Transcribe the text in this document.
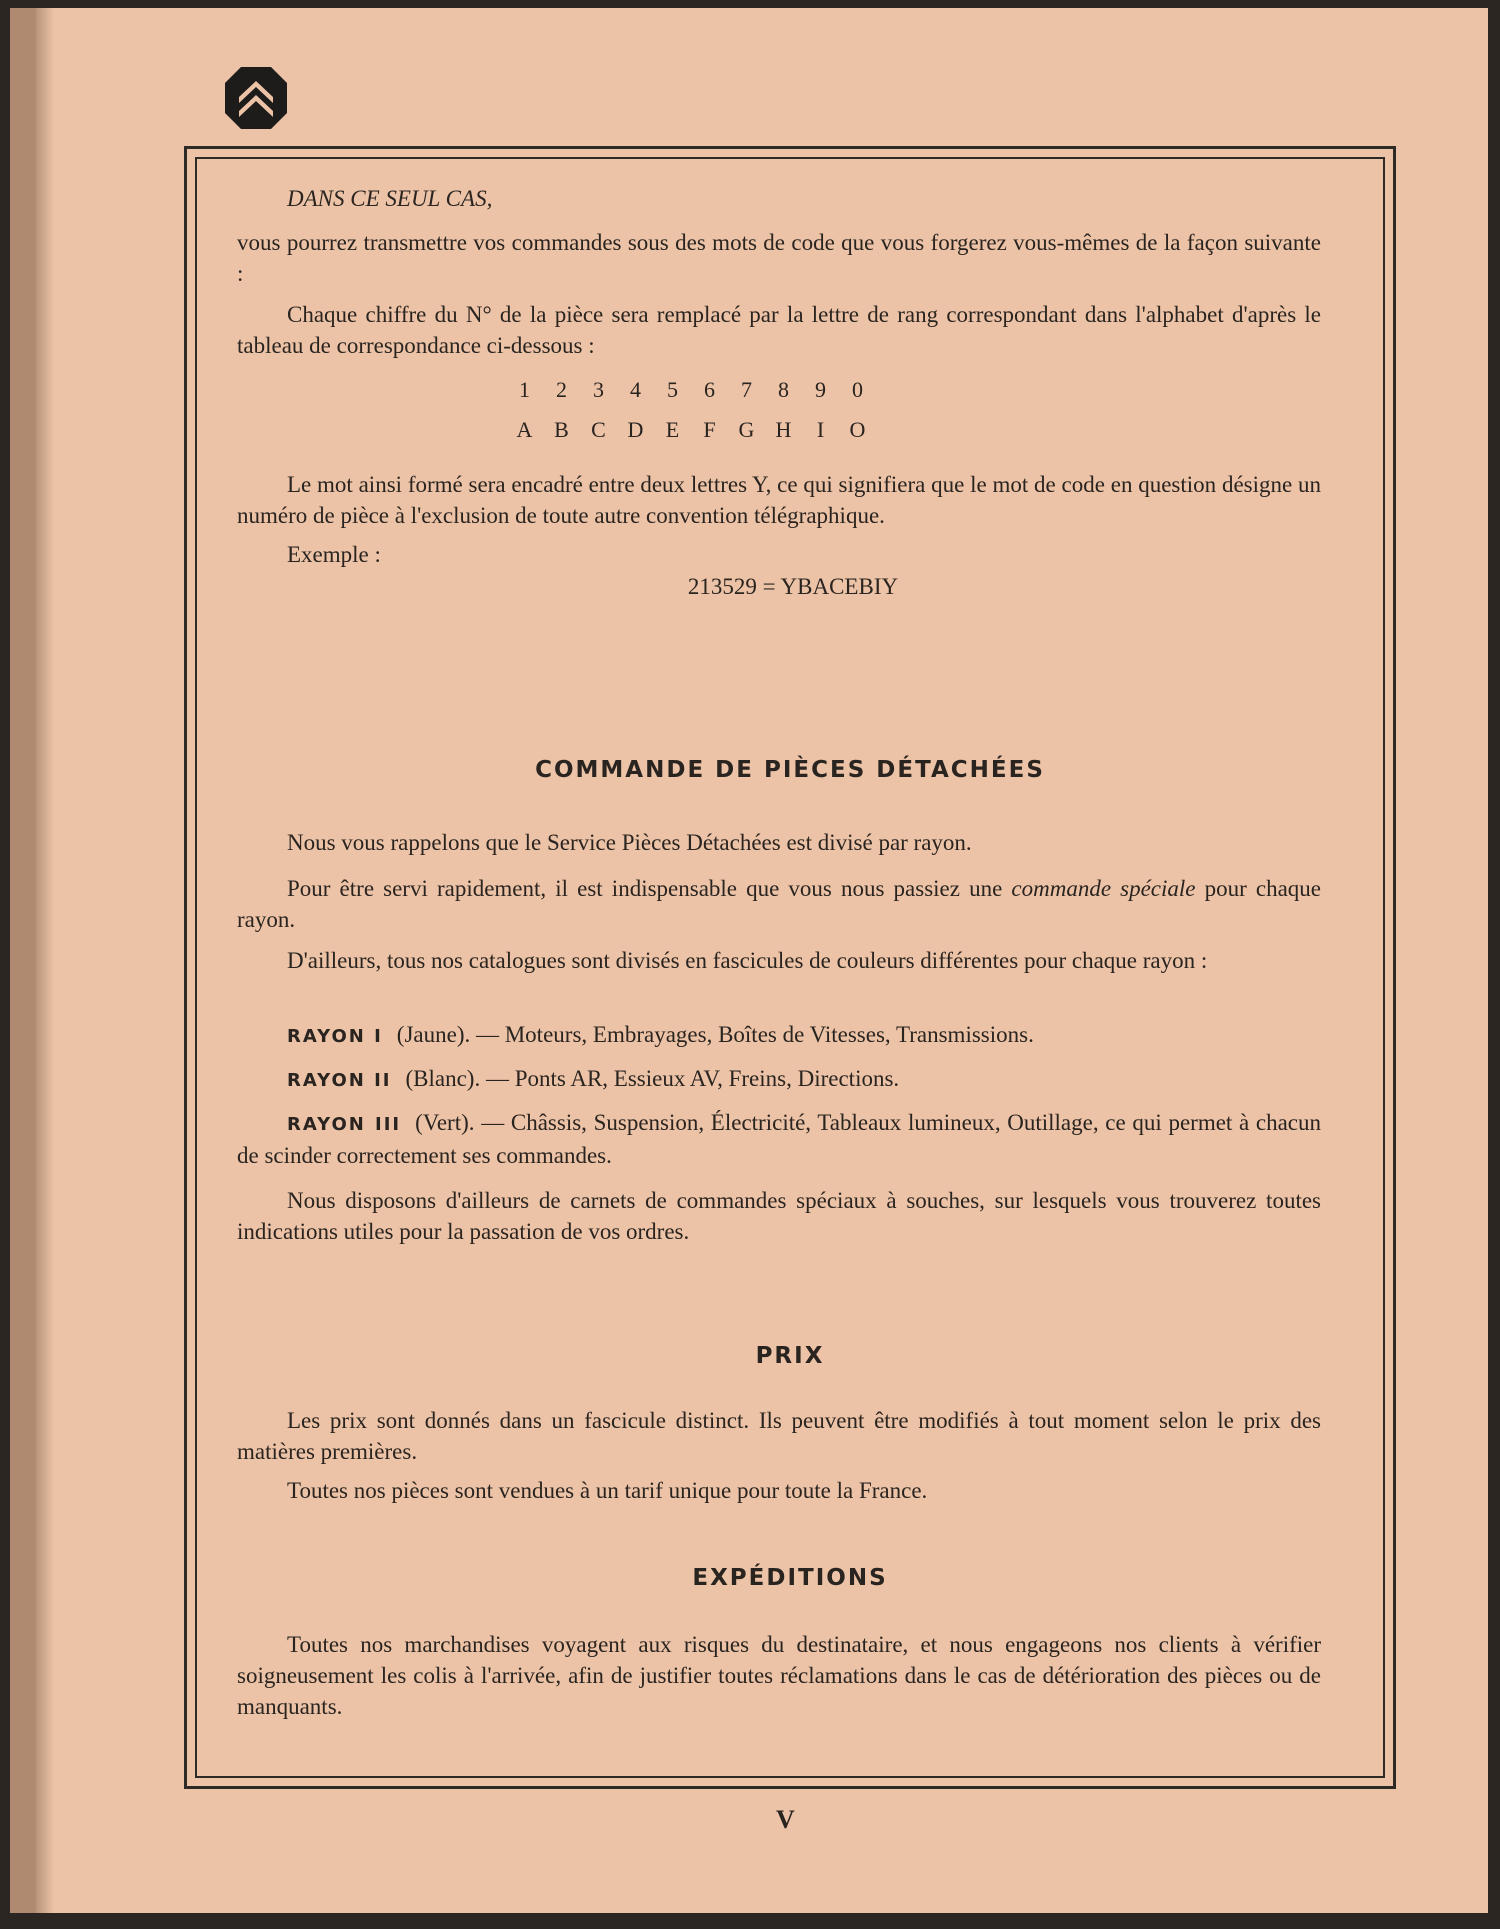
DANS CE SEUL CAS,

vous pourrez transmettre vos commandes sous des mots de code que vous forgerez vous-mêmes de la façon suivante :

Chaque chiffre du N° de la pièce sera remplacé par la lettre de rang correspondant dans l'alphabet d'après le tableau de correspondance ci-dessous :

1	2	3	4	5	6	7	8	9	0
A B C D E	F G H	I	O

Le mot ainsi formé sera encadré entre deux lettres Y, ce qui signifiera que le mot de code en question désigne un numéro de pièce à l'exclusion de toute autre convention télégraphique.

Exemple :

213529 = YBACEBIY

COMMANDE DE PIÈCES DÉTACHÉES

Nous vous rappelons que le Service Pièces Détachées est divisé par rayon.

Pour être servi rapidement, il est indispensable que vous nous passiez une commande spéciale pour chaque rayon.

D'ailleurs, tous nos catalogues sont divisés en fascicules de couleurs différentes pour chaque rayon :

RAYON I (Jaune). — Moteurs, Embrayages, Boîtes de Vitesses, Transmissions.

RAYON II (Blanc). — Ponts AR, Essieux AV, Freins, Directions.

RAYON III (Vert). — Châssis, Suspension, Électricité, Tableaux lumineux, Outillage, ce qui permet à chacun de scinder correctement ses commandes.

Nous disposons d'ailleurs de carnets de commandes spéciaux à souches, sur lesquels vous trouverez toutes indications utiles pour la passation de vos ordres.

PRIX

Les prix sont donnés dans un fascicule distinct. Ils peuvent être modifiés à tout moment selon le prix des matières premières.

Toutes nos pièces sont vendues à un tarif unique pour toute la France.

EXPÉDITIONS

Toutes nos marchandises voyagent aux risques du destinataire, et nous engageons nos clients à vérifier soigneusement les colis à l'arrivée, afin de justifier toutes réclamations dans le cas de détérioration des pièces ou de manquants.

V
